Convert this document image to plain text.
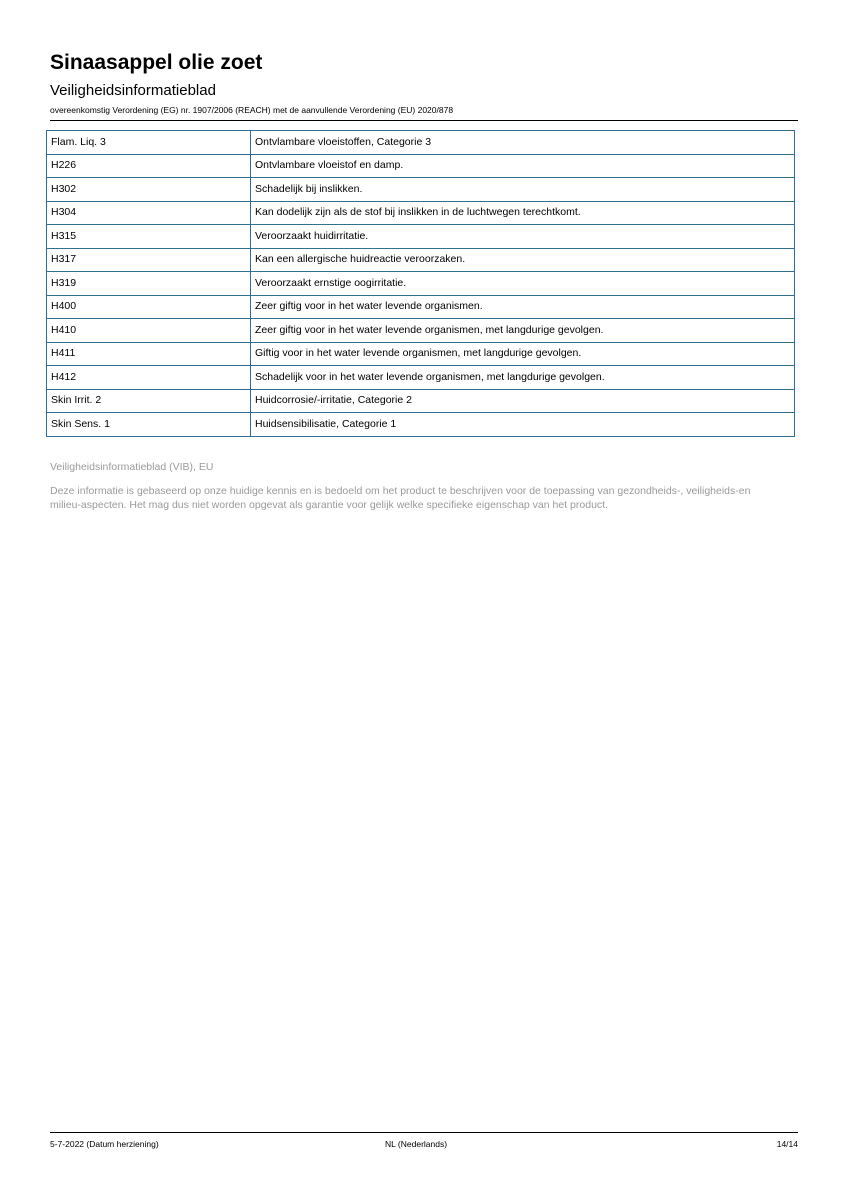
Sinaasappel olie zoet
Veiligheidsinformatieblad
overeenkomstig Verordening (EG) nr. 1907/2006 (REACH) met de aanvullende Verordening (EU) 2020/878
Flam. Liq. 3	Ontvlambare vloeistoffen, Categorie 3
H226	Ontvlambare vloeistof en damp.
H302	Schadelijk bij inslikken.
H304	Kan dodelijk zijn als de stof bij inslikken in de luchtwegen terechtkomt.
H315	Veroorzaakt huidirritatie.
H317	Kan een allergische huidreactie veroorzaken.
H319	Veroorzaakt ernstige oogirritatie.
H400	Zeer giftig voor in het water levende organismen.
H410	Zeer giftig voor in het water levende organismen, met langdurige gevolgen.
H411	Giftig voor in het water levende organismen, met langdurige gevolgen.
H412	Schadelijk voor in het water levende organismen, met langdurige gevolgen.
Skin Irrit. 2	Huidcorrosie/-irritatie, Categorie 2
Skin Sens. 1	Huidsensibilisatie, Categorie 1
Veiligheidsinformatieblad (VIB), EU
Deze informatie is gebaseerd op onze huidige kennis en is bedoeld om het product te beschrijven voor de toepassing van gezondheids-, veiligheids-en milieu-aspecten. Het mag dus niet worden opgevat als garantie voor gelijk welke specifieke eigenschap van het product.
5-7-2022 (Datum herziening)	NL (Nederlands)	14/14
